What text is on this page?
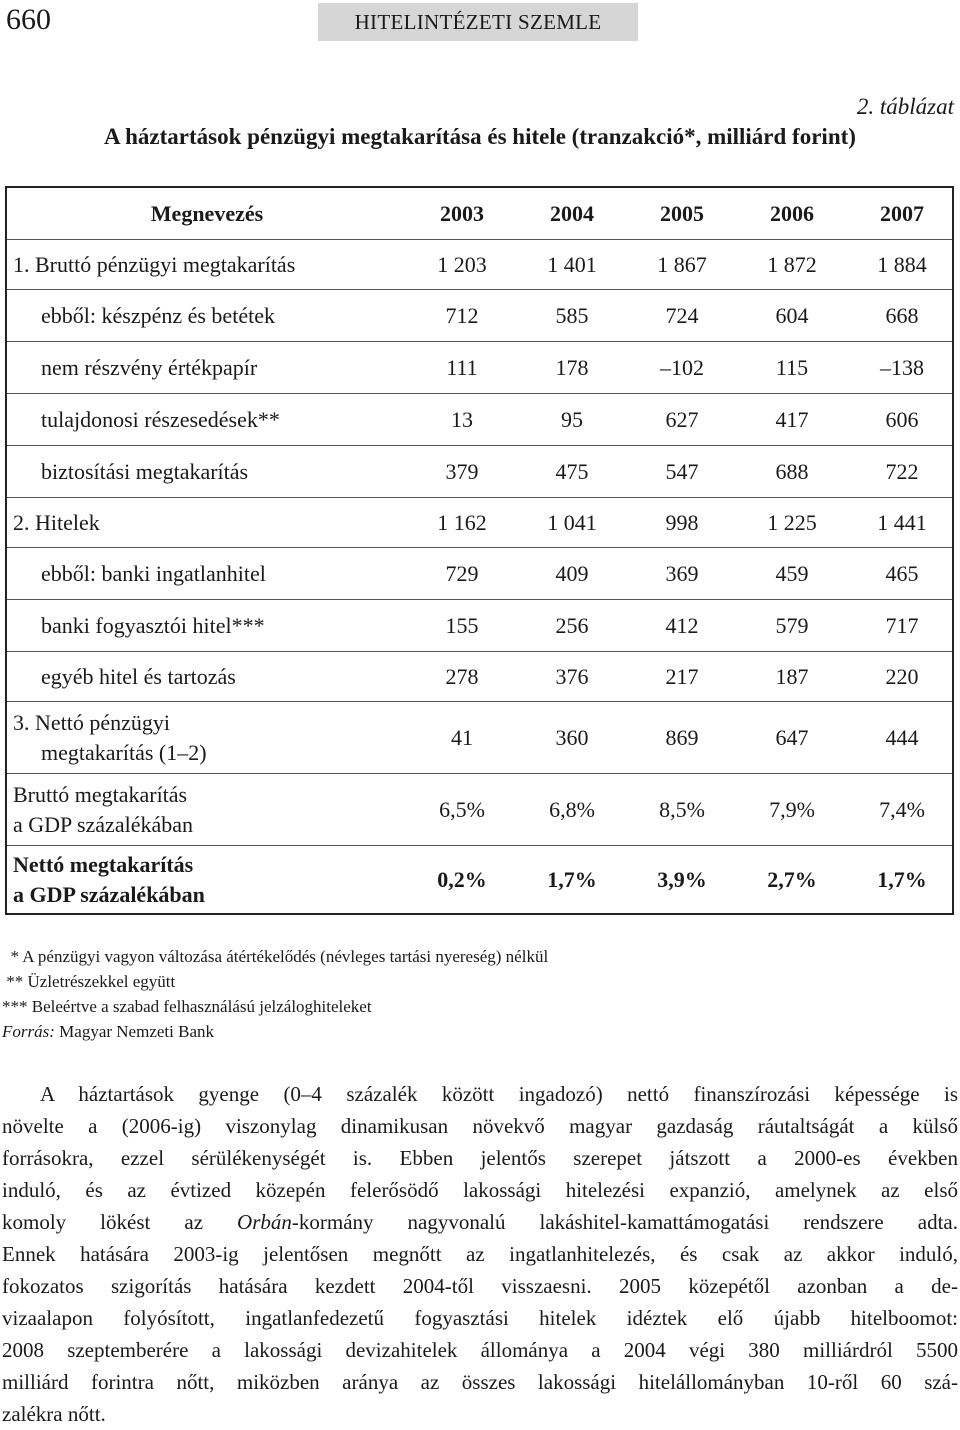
660	HITELINTÉZETI SZEMLE
2. táblázat
A háztartások pénzügyi megtakarítása és hitele (tranzakció*, milliárd forint)
Megnevezés	2003	2004	2005	2006	2007
1. Bruttó pénzügyi megtakarítás	1 203	1 401	1 867	1 872	1 884
ebből: készpénz és betétek	712	585	724	604	668
nem részvény értékpapír	111	178	–102	115	–138
tulajdonosi részesedések**	13	95	627	417	606
biztosítási megtakarítás	379	475	547	688	722
2. Hitelek	1 162	1 041	998	1 225	1 441
ebből: banki ingatlanhitel	729	409	369	459	465
banki fogyasztói hitel***	155	256	412	579	717
egyéb hitel és tartozás	278	376	217	187	220
3. Nettó pénzügyi
megtakarítás (1–2)
41	360	869	647	444
Bruttó megtakarítás
a GDP százalékában
6,5%	6,8%	8,5%	7,9%	7,4%
Nettó megtakarítás
a GDP százalékában
0,2%	1,7%	3,9%	2,7%	1,7%
* A pénzügyi vagyon változása átértékelődés (névleges tartási nyereség) nélkül
** Üzletrészekkel együtt
*** Beleértve a szabad felhasználású jelzáloghiteleket
Forrás: Magyar Nemzeti Bank
A háztartások gyenge (0–4 százalék között ingadozó) nettó finanszírozási képessége is
növelte a (2006-ig) viszonylag dinamikusan növekvő magyar gazdaság ráutaltságát a külső
forrásokra, ezzel sérülékenységét is. Ebben jelentős szerepet játszott a 2000-es években
induló, és az évtized közepén felerősödő lakossági hitelezési expanzió, amelynek az első
komoly lökést az Orbán-kormány nagyvonalú lakáshitel-kamattámogatási rendszere adta.
Ennek hatására 2003-ig jelentősen megnőtt az ingatlanhitelezés, és csak az akkor induló,
fokozatos szigorítás hatására kezdett 2004-től visszaesni. 2005 közepétől azonban a de-
vizaalapon folyósított, ingatlanfedezetű fogyasztási hitelek idéztek elő újabb hitelboomot:
2008 szeptemberére a lakossági devizahitelek állománya a 2004 végi 380 milliárdról 5500
milliárd forintra nőtt, miközben aránya az összes lakossági hitelállományban 10-ről 60 szá-
zalékra nőtt.
